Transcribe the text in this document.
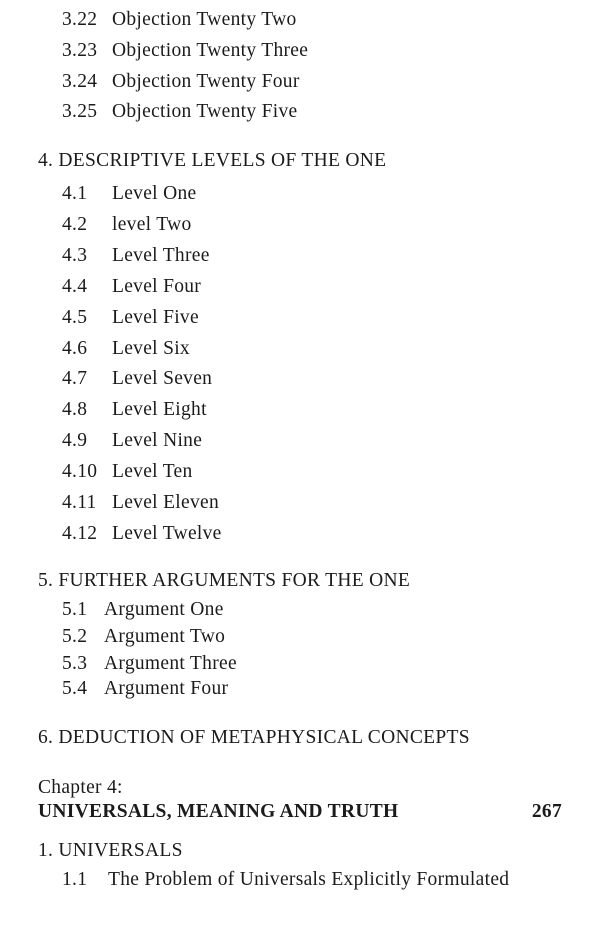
3.22 Objection Twenty Two
3.23 Objection Twenty Three
3.24 Objection Twenty Four
3.25 Objection Twenty Five
4. DESCRIPTIVE LEVELS OF THE ONE
4.1 Level One
4.2 level Two
4.3 Level Three
4.4 Level Four
4.5 Level Five
4.6 Level Six
4.7 Level Seven
4.8 Level Eight
4.9 Level Nine
4.10 Level Ten
4.11 Level Eleven
4.12 Level Twelve
5. FURTHER ARGUMENTS FOR THE ONE
5.1 Argument One
5.2 Argument Two
5.3 Argument Three
5.4 Argument Four
6. DEDUCTION OF METAPHYSICAL CONCEPTS
Chapter 4:
UNIVERSALS, MEANING AND TRUTH	267
1. UNIVERSALS
1.1 The Problem of Universals Explicitly Formulated
